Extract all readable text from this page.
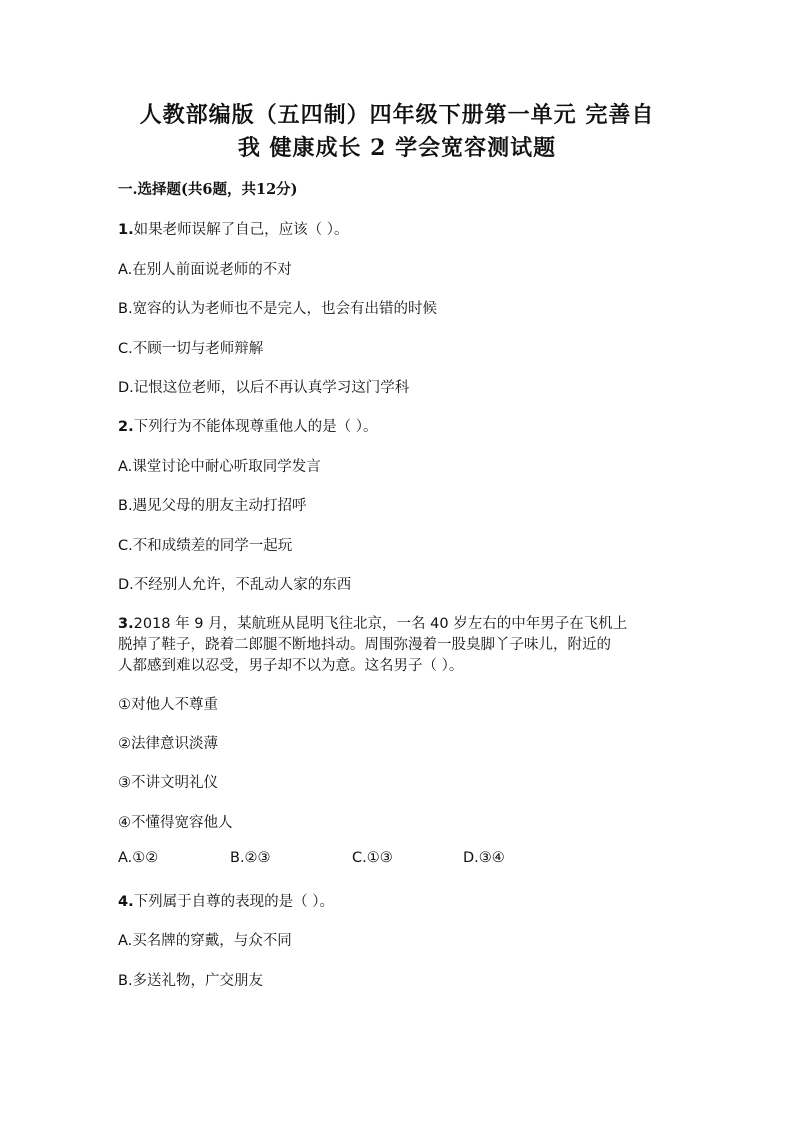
人教部编版（五四制）四年级下册第一单元 完善自
我 健康成长 2 学会宽容测试题
一.选择题(共6题，共12分)
1.如果老师误解了自己，应该（ ）。
A.在别人前面说老师的不对
B.宽容的认为老师也不是完人，也会有出错的时候
C.不顾一切与老师辩解
D.记恨这位老师，以后不再认真学习这门学科
2.下列行为不能体现尊重他人的是（ ）。
A.课堂讨论中耐心听取同学发言
B.遇见父母的朋友主动打招呼
C.不和成绩差的同学一起玩
D.不经别人允许，不乱动人家的东西
3.2018 年 9 月，某航班从昆明飞往北京，一名 40 岁左右的中年男子在飞机上
脱掉了鞋子，跷着二郎腿不断地抖动。周围弥漫着一股臭脚丫子味儿，附近的
人都感到难以忍受，男子却不以为意。这名男子（ ）。
①对他人不尊重
②法律意识淡薄
③不讲文明礼仪
④不懂得宽容他人
A.①②	B.②③	C.①③	D.③④
4.下列属于自尊的表现的是（ ）。
A.买名牌的穿戴，与众不同
B.多送礼物，广交朋友
